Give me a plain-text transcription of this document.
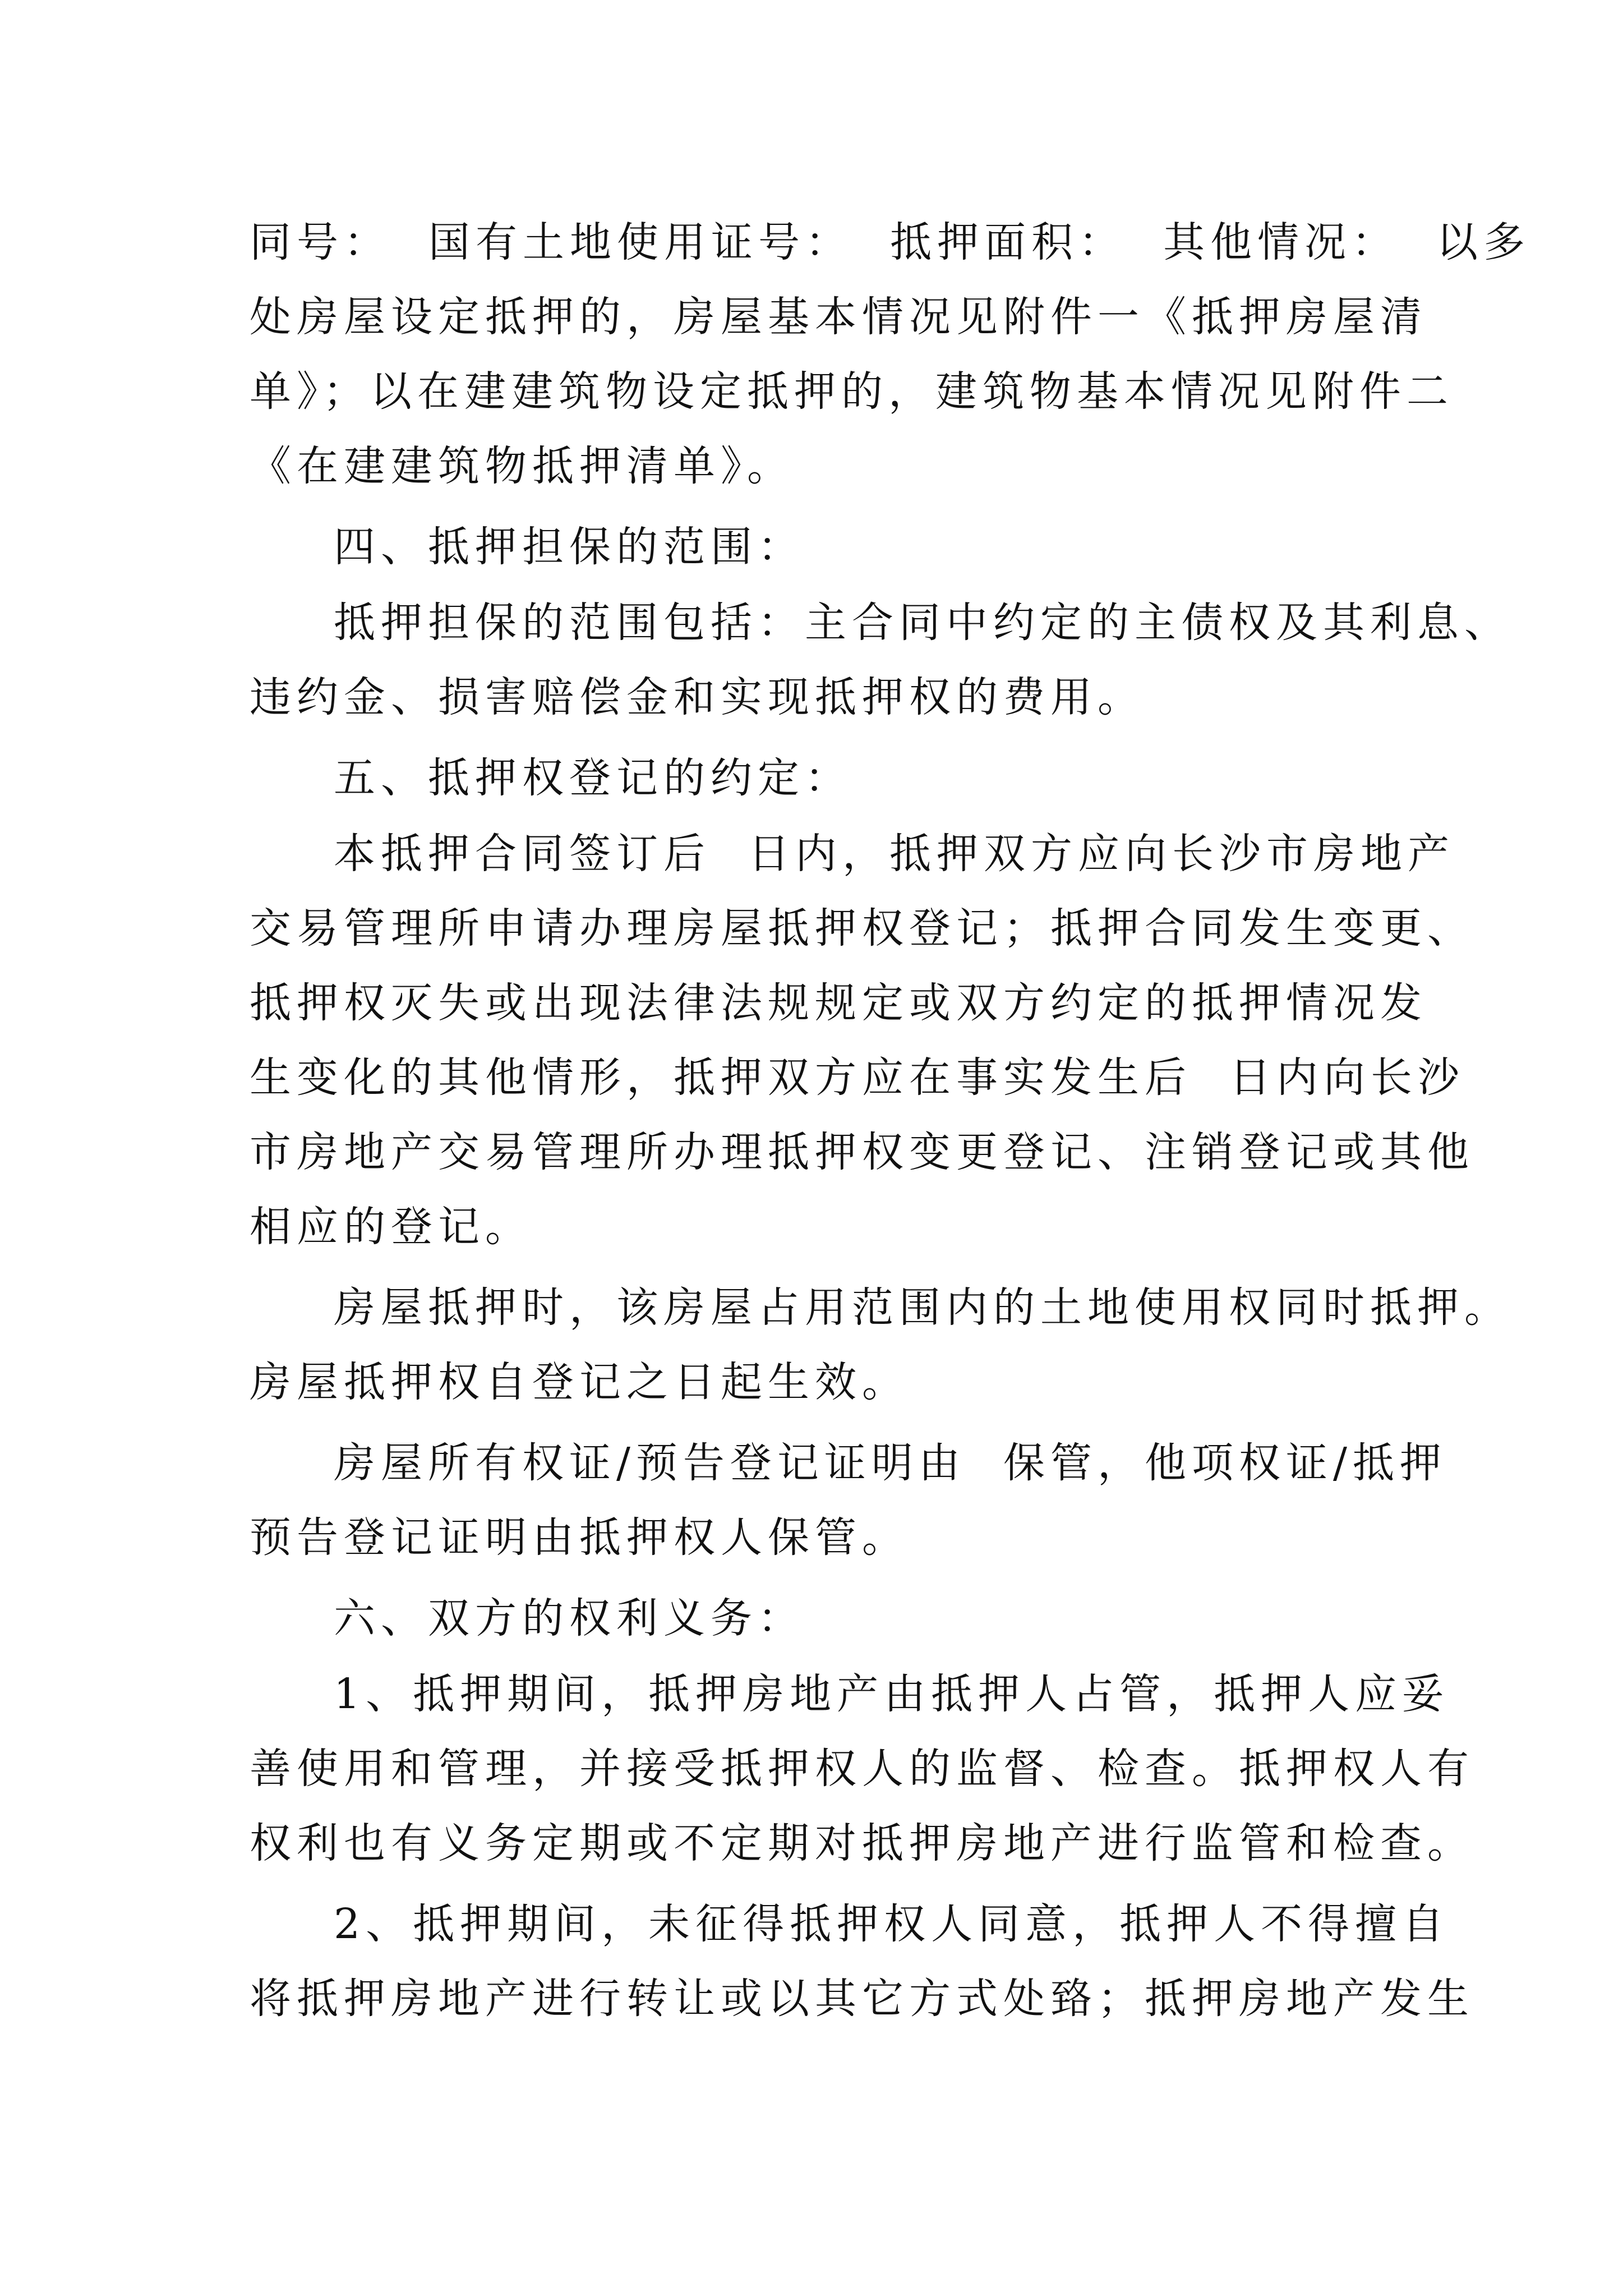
同号：  国有土地使用证号：  抵押面积：  其他情况：  以多
处房屋设定抵押的，房屋基本情况见附件一《抵押房屋清
单》；以在建建筑物设定抵押的，建筑物基本情况见附件二
《在建建筑物抵押清单》。
四、抵押担保的范围：
抵押担保的范围包括：主合同中约定的主债权及其利息、
违约金、损害赔偿金和实现抵押权的费用。
五、抵押权登记的约定：
本抵押合同签订后  日内，抵押双方应向长沙市房地产
交易管理所申请办理房屋抵押权登记；抵押合同发生变更、
抵押权灭失或出现法律法规规定或双方约定的抵押情况发
生变化的其他情形，抵押双方应在事实发生后  日内向长沙
市房地产交易管理所办理抵押权变更登记、注销登记或其他
相应的登记。
房屋抵押时，该房屋占用范围内的土地使用权同时抵押。
房屋抵押权自登记之日起生效。
房屋所有权证/预告登记证明由  保管，他项权证/抵押
预告登记证明由抵押权人保管。
六、双方的权利义务：
1、抵押期间，抵押房地产由抵押人占管，抵押人应妥
善使用和管理，并接受抵押权人的监督、检查。抵押权人有
权利也有义务定期或不定期对抵押房地产进行监管和检查。
2、抵押期间，未征得抵押权人同意，抵押人不得擅自
将抵押房地产进行转让或以其它方式处臵；抵押房地产发生
